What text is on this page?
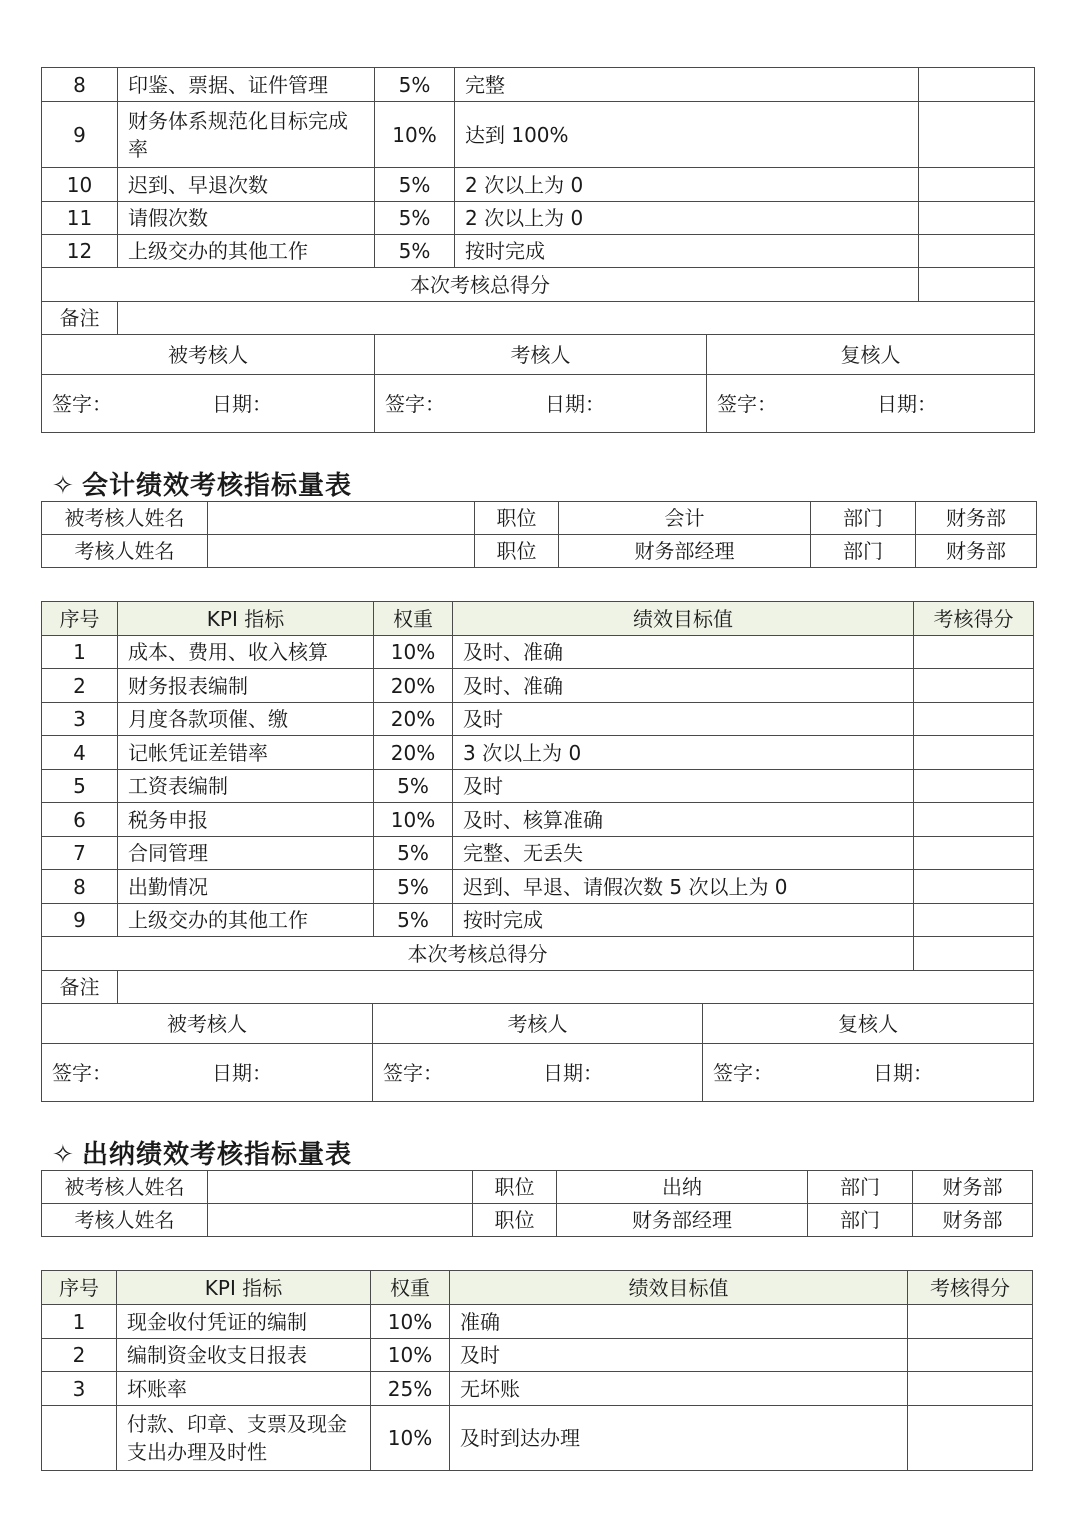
8	印鉴、票据、证件管理	5%	完整	
9	财务体系规范化目标完成率	10%	达到 100%	
10	迟到、早退次数	5%	2 次以上为 0	
11	请假次数	5%	2 次以上为 0	
12	上级交办的其他工作	5%	按时完成	
本次考核总得分				
备注				
被考核人	考核人	复核人
签字： 日期：	签字： 日期：	签字： 日期：
✧ 会计绩效考核指标量表
被考核人姓名		职位	会计	部门	财务部
考核人姓名		职位	财务部经理	部门	财务部
序号	KPI 指标	权重	绩效目标值	考核得分
1	成本、费用、收入核算	10%	及时、准确	
2	财务报表编制	20%	及时、准确	
3	月度各款项催、缴	20%	及时	
4	记帐凭证差错率	20%	3 次以上为 0	
5	工资表编制	5%	及时	
6	税务申报	10%	及时、核算准确	
7	合同管理	5%	完整、无丢失	
8	出勤情况	5%	迟到、早退、请假次数 5 次以上为 0	
9	上级交办的其他工作	5%	按时完成	
本次考核总得分				
备注				
被考核人	考核人	复核人
签字： 日期：	签字： 日期：	签字： 日期：
✧ 出纳绩效考核指标量表
被考核人姓名		职位	出纳	部门	财务部
考核人姓名		职位	财务部经理	部门	财务部
序号	KPI 指标	权重	绩效目标值	考核得分
1	现金收付凭证的编制	10%	准确	
2	编制资金收支日报表	10%	及时	
3	坏账率	25%	无坏账	
	付款、印章、支票及现金支出办理及时性	10%	及时到达办理	
